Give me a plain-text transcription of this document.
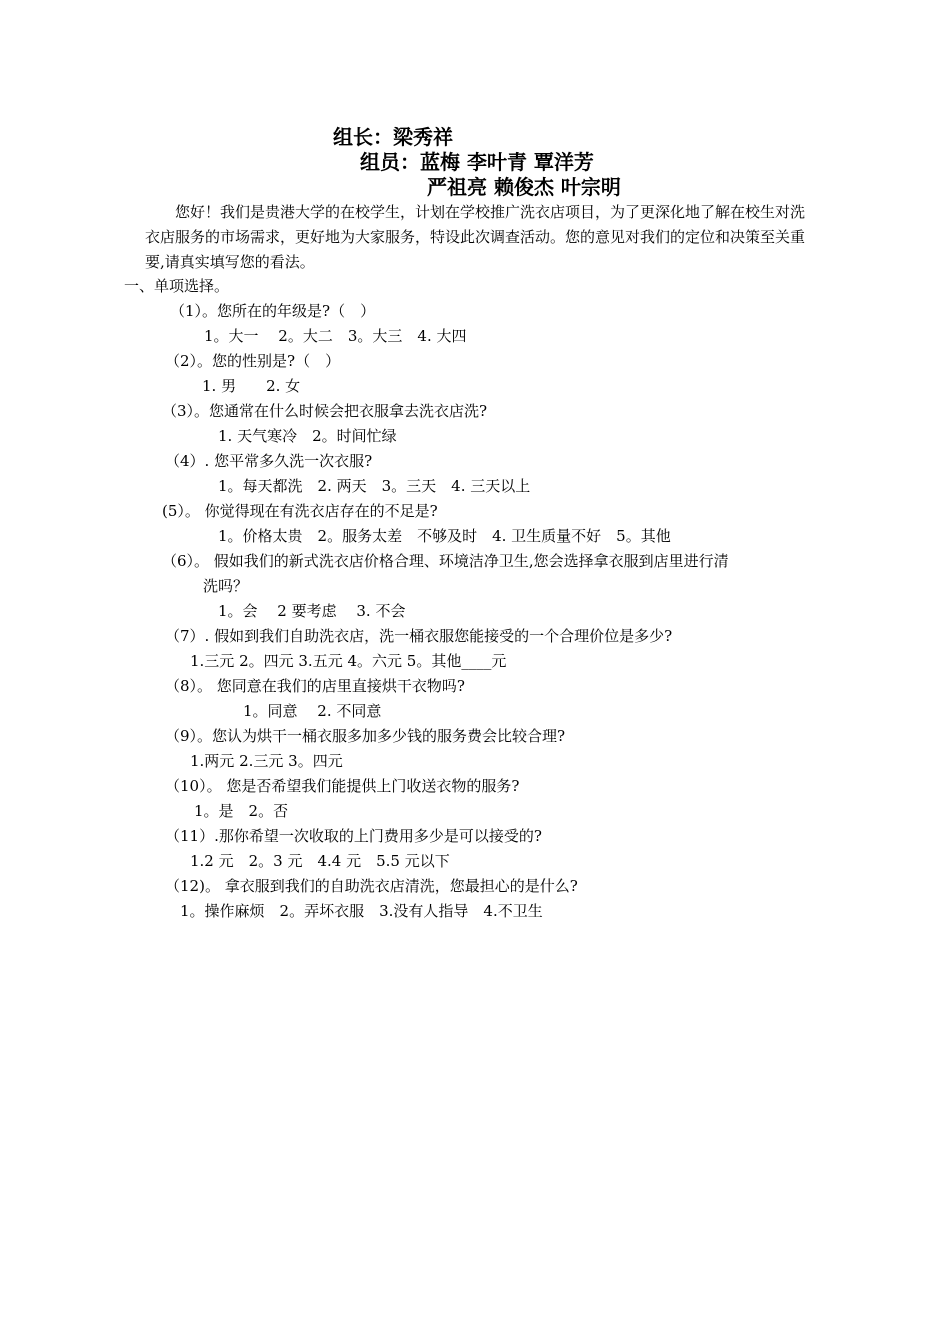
组长：梁秀祥
组员：蓝梅 李叶青 覃洋芳
严祖亮 赖俊杰 叶宗明
您好！我们是贵港大学的在校学生，计划在学校推广洗衣店项目，为了更深化地了解在校生对洗衣店服务的市场需求，更好地为大家服务，特设此次调查活动。您的意见对我们的定位和决策至关重要,请真实填写您的看法。
一、单项选择。
（1）。您所在的年级是?（　）
1。大一　 2。大二　3。大三　4. 大四
（2）。您的性别是?（　）
1. 男　　2. 女
（3）。您通常在什么时候会把衣服拿去洗衣店洗?
1. 天气寒冷　2。时间忙绿
（4）. 您平常多久洗一次衣服?
1。每天都洗　2. 两天　3。三天　4. 三天以上
(5）。 你觉得现在有洗衣店存在的不足是?
1。价格太贵　2。服务太差　不够及时　4. 卫生质量不好　5。其他
（6）。 假如我们的新式洗衣店价格合理、环境洁净卫生,您会选择拿衣服到店里进行清
洗吗？
1。会　 2 要考虑　 3. 不会
（7）. 假如到我们自助洗衣店，洗一桶衣服您能接受的一个合理价位是多少?
1.三元 2。四元 3.五元 4。六元 5。其他____元
（8）。 您同意在我们的店里直接烘干衣物吗?
1。同意　 2. 不同意
（9）。您认为烘干一桶衣服多加多少钱的服务费会比较合理?
1.两元 2.三元 3。四元
（10）。 您是否希望我们能提供上门收送衣物的服务?
1。是　2。否
（11）.那你希望一次收取的上门费用多少是可以接受的?
1.2 元　2。3 元　4.4 元　5.5 元以下
（12)。 拿衣服到我们的自助洗衣店清洗，您最担心的是什么?
1。操作麻烦　2。弄坏衣服　3.没有人指导　4.不卫生
